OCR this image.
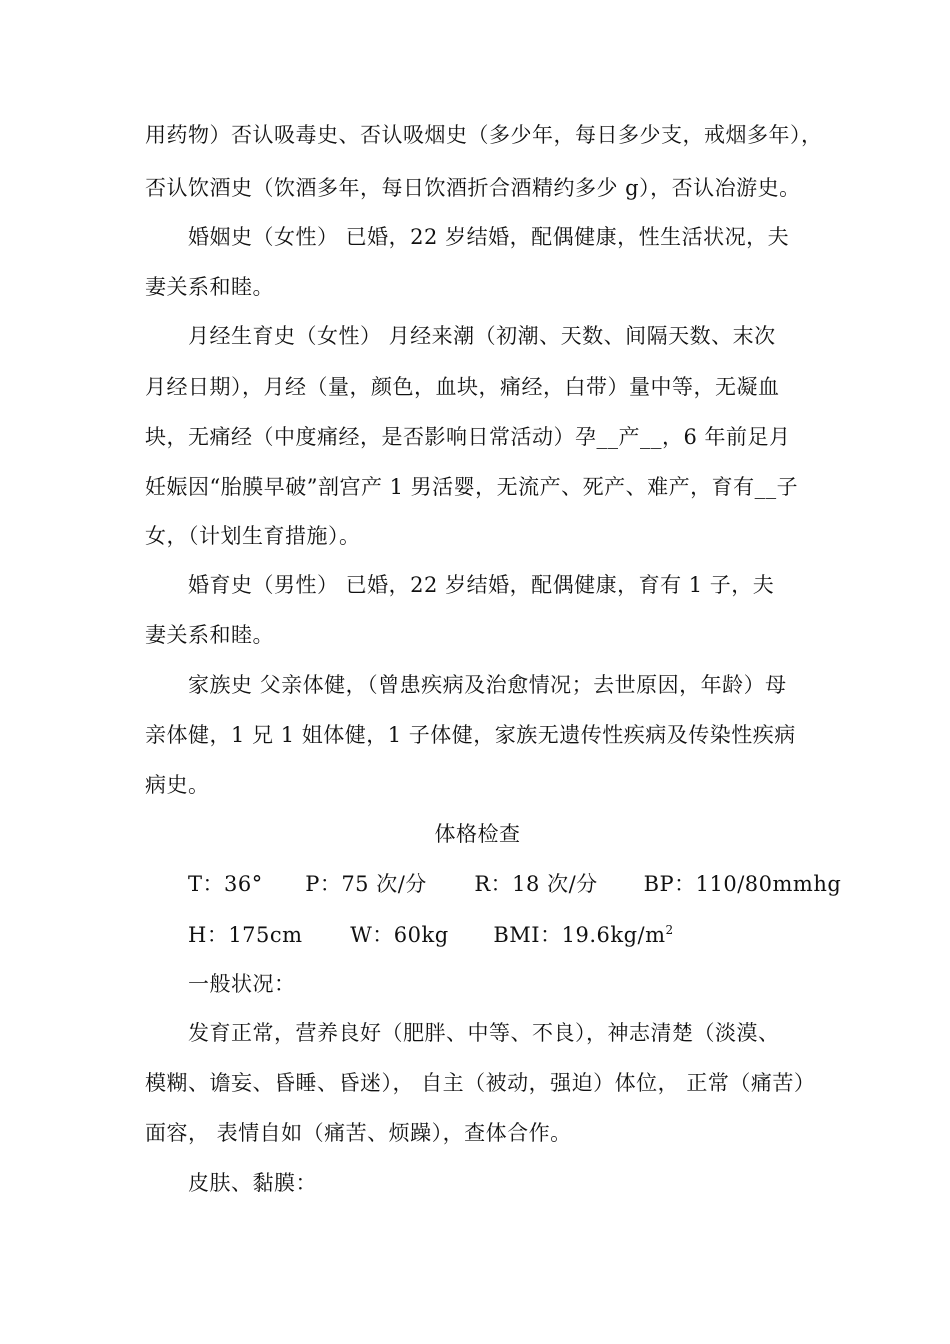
用药物）否认吸毒史、否认吸烟史（多少年，每日多少支，戒烟多年），
否认饮酒史（饮酒多年，每日饮酒折合酒精约多少 g），否认冶游史。
婚姻史（女性） 已婚，22 岁结婚，配偶健康，性生活状况，夫
妻关系和睦。
月经生育史（女性） 月经来潮（初潮、天数、间隔天数、末次
月经日期），月经（量，颜色，血块，痛经，白带）量中等，无凝血
块，无痛经（中度痛经，是否影响日常活动）孕__产__，6 年前足月
妊娠因“胎膜早破”剖宫产 1 男活婴，无流产、死产、难产，育有__子
女，（计划生育措施）。
婚育史（男性） 已婚，22 岁结婚，配偶健康，育有 1 子，夫
妻关系和睦。
家族史 父亲体健，（曾患疾病及治愈情况；去世原因，年龄）母
亲体健，1 兄 1 姐体健，1 子体健，家族无遗传性疾病及传染性疾病
病史。
体格检查
T：36° P：75 次/分 R：18 次/分 BP：110/80mmhg
H：175cm W：60kg BMI：$19.6kg/m^2$
一般状况：
发育正常，营养良好（肥胖、中等、不良），神志清楚（淡漠、
模糊、谵妄、昏睡、昏迷）， 自主（被动，强迫）体位， 正常（痛苦）
面容， 表情自如（痛苦、烦躁），查体合作。
皮肤、黏膜：
